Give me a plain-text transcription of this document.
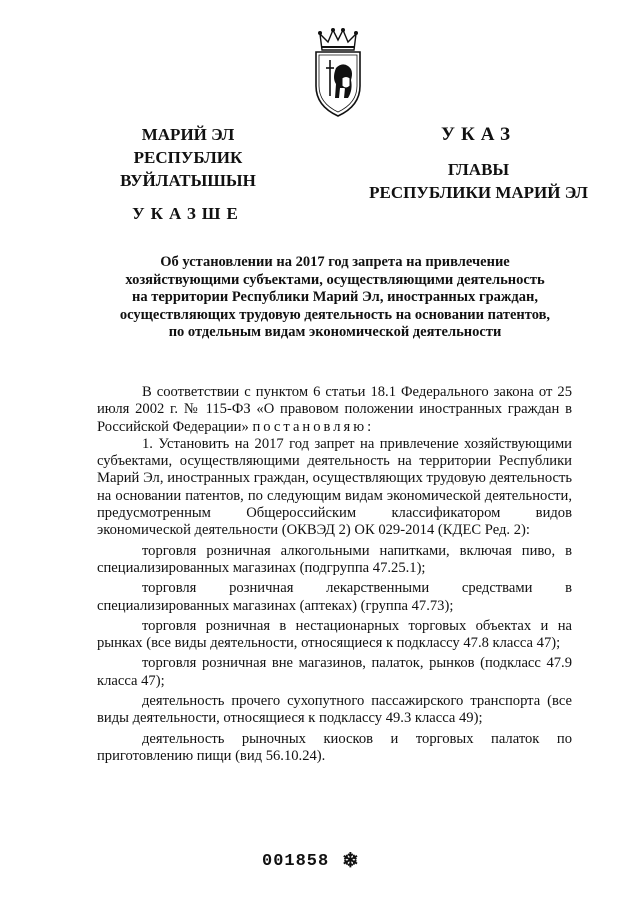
МАРИЙ ЭЛ РЕСПУБЛИК
ВУЙЛАТЫШЫН
УКАЗШЕ
УКАЗ
ГЛАВЫ
РЕСПУБЛИКИ МАРИЙ ЭЛ
Об установлении на 2017 год запрета на привлечение
хозяйствующими субъектами, осуществляющими деятельность
на территории Республики Марий Эл, иностранных граждан,
осуществляющих трудовую деятельность на основании патентов,
по отдельным видам экономической деятельности

В соответствии с пунктом 6 статьи 18.1 Федерального закона от 25 июля 2002 г. № 115-ФЗ «О правовом положении иностранных граждан в Российской Федерации» постановляю:

1. Установить на 2017 год запрет на привлечение хозяйствующими субъектами, осуществляющими деятельность на территории Республики Марий Эл, иностранных граждан, осуществляющих трудовую деятельность на основании патентов, по следующим видам экономической деятельности, предусмотренным Общероссийским классификатором видов экономической деятельности (ОКВЭД 2) ОК 029-2014 (КДЕС Ред. 2):

торговля розничная алкогольными напитками, включая пиво, в специализированных магазинах (подгруппа 47.25.1);

торговля розничная лекарственными средствами в специализированных магазинах (аптеках) (группа 47.73);

торговля розничная в нестационарных торговых объектах и на рынках (все виды деятельности, относящиеся к подклассу 47.8 класса 47);

торговля розничная вне магазинов, палаток, рынков (подкласс 47.9 класса 47);

деятельность прочего сухопутного пассажирского транспорта (все виды деятельности, относящиеся к подклассу 49.3 класса 49);

деятельность рыночных киосков и торговых палаток по приготовлению пищи (вид 56.10.24).

001858 ❄
